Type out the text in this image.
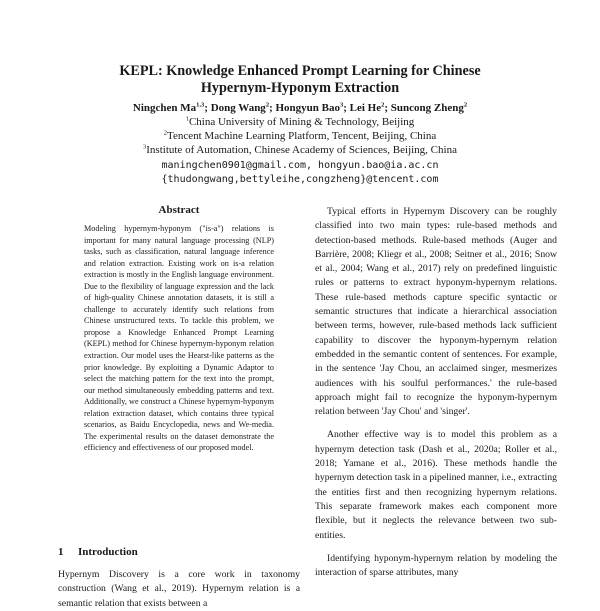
KEPL: Knowledge Enhanced Prompt Learning for Chinese
Hypernym-Hyponym Extraction
Ningchen Ma$^{1,3}$; Dong Wang$^2$; Hongyun Bao$^3$; Lei He$^2$; Suncong Zheng$^2$
$^1$China University of Mining & Technology, Beijing
$^2$Tencent Machine Learning Platform, Tencent, Beijing, China
$^3$Institute of Automation, Chinese Academy of Sciences, Beijing, China
maningchen0901@gmail.com, hongyun.bao@ia.ac.cn
{thudongwang,bettyleihe,congzheng}@tencent.com
Abstract

Modeling hypernym-hyponym ("is-a") relations is important for many natural language processing (NLP) tasks, such as classification, natural language inference and relation extraction. Existing work on is-a relation extraction is mostly in the English language environment. Due to the flexibility of language expression and the lack of high-quality Chinese annotation datasets, it is still a challenge to accurately identify such relations from Chinese unstructured texts. To tackle this problem, we propose a Knowledge Enhanced Prompt Learning (KEPL) method for Chinese hypernym-hyponym relation extraction. Our model uses the Hearst-like patterns as the prior knowledge. By exploiting a Dynamic Adaptor to select the matching pattern for the text into the prompt, our method simultaneously embedding patterns and text. Additionally, we construct a Chinese hypernym-hyponym relation extraction dataset, which contains three typical scenarios, as Baidu Encyclopedia, news and We-media. The experimental results on the dataset demonstrate the efficiency and effectiveness of our proposed model.

1 Introduction

Hypernym Discovery is a core work in taxonomy construction (Wang et al., 2019). Hypernym relation is a semantic relation that exists between a

Typical efforts in Hypernym Discovery can be roughly classified into two main types: rule-based methods and detection-based methods. Rule-based methods (Auger and Barrière, 2008; Kliegr et al., 2008; Seitner et al., 2016; Snow et al., 2004; Wang et al., 2017) rely on predefined linguistic rules or patterns to extract hyponym-hypernym relations. These rule-based methods capture specific syntactic or semantic structures that indicate a hierarchical association between terms, however, rule-based methods lack sufficient capability to discover the hyponym-hypernym relation embedded in the semantic content of sentences. For example, in the sentence 'Jay Chou, an acclaimed singer, mesmerizes audiences with his soulful performances.' the rule-based approach might fail to recognize the hyponym-hypernym relation between 'Jay Chou' and 'singer'.

Another effective way is to model this problem as a hypernym detection task (Dash et al., 2020a; Roller et al., 2018; Yamane et al., 2016). These methods handle the hypernym detection task in a pipelined manner, i.e., extracting the entities first and then recognizing hypernym relations. This separate framework makes each component more flexible, but it neglects the relevance between two sub-entities.

Identifying hyponym-hypernym relation by modeling the interaction of sparse attributes, many
